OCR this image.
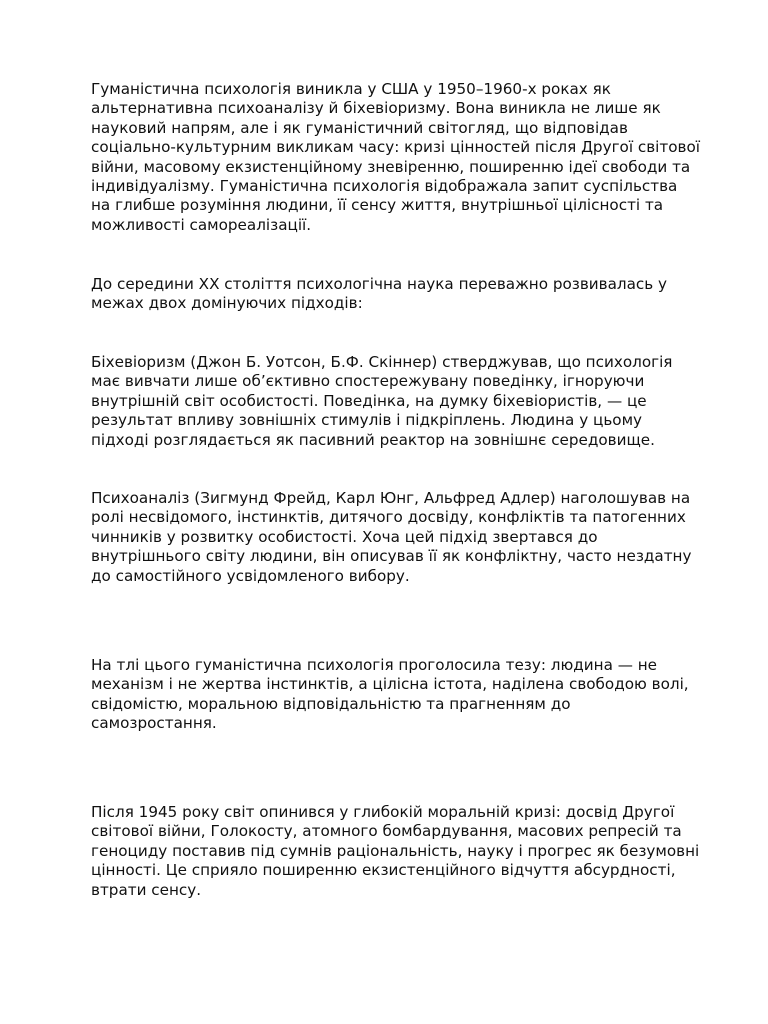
Гуманістична психологія виникла у США у 1950–1960-х роках як
альтернативна психоаналізу й біхевіоризму. Вона виникла не лише як
науковий напрям, але і як гуманістичний світогляд, що відповідав
соціально-культурним викликам часу: кризі цінностей після Другої світової
війни, масовому екзистенційному зневіренню, поширенню ідеї свободи та
індивідуалізму. Гуманістична психологія відображала запит суспільства
на глибше розуміння людини, її сенсу життя, внутрішньої цілісності та
можливості самореалізації.

До середини XX століття психологічна наука переважно розвивалась у
межах двох домінуючих підходів:

Біхевіоризм (Джон Б. Уотсон, Б.Ф. Скіннер) стверджував, що психологія
має вивчати лише об’єктивно спостережувану поведінку, ігноруючи
внутрішній світ особистості. Поведінка, на думку біхевіористів, — це
результат впливу зовнішніх стимулів і підкріплень. Людина у цьому
підході розглядається як пасивний реактор на зовнішнє середовище.

Психоаналіз (Зигмунд Фрейд, Карл Юнг, Альфред Адлер) наголошував на
ролі несвідомого, інстинктів, дитячого досвіду, конфліктів та патогенних
чинників у розвитку особистості. Хоча цей підхід звертався до
внутрішнього світу людини, він описував її як конфліктну, часто нездатну
до самостійного усвідомленого вибору.

На тлі цього гуманістична психологія проголосила тезу: людина — не
механізм і не жертва інстинктів, а цілісна істота, наділена свободою волі,
свідомістю, моральною відповідальністю та прагненням до
самозростання.

Після 1945 року світ опинився у глибокій моральній кризі: досвід Другої
світової війни, Голокосту, атомного бомбардування, масових репресій та
геноциду поставив під сумнів раціональність, науку і прогрес як безумовні
цінності. Це сприяло поширенню екзистенційного відчуття абсурдності,
втрати сенсу.
